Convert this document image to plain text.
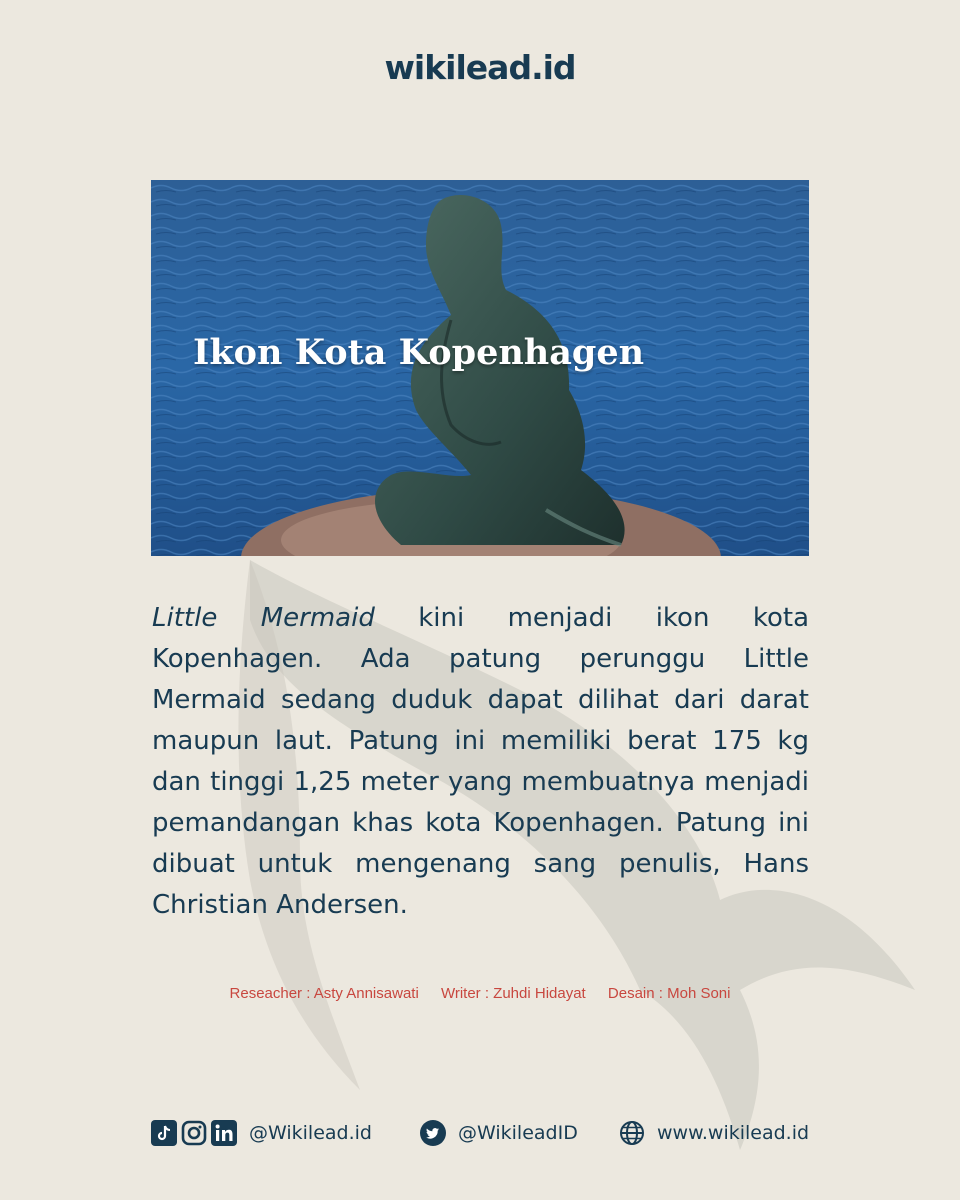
wikilead.id
Ikon Kota Kopenhagen

Little Mermaid kini menjadi ikon kota Kopenhagen. Ada patung perunggu Little Mermaid sedang duduk dapat dilihat dari darat maupun laut. Patung ini memiliki berat 175 kg dan tinggi 1,25 meter yang membuatnya menjadi pemandangan khas kota Kopenhagen. Patung ini dibuat untuk mengenang sang penulis, Hans Christian Andersen.

Reseacher : Asty Annisawati Writer : Zuhdi Hidayat Desain : Moh Soni
@Wikilead.id	@WikileadID	www.wikilead.id
